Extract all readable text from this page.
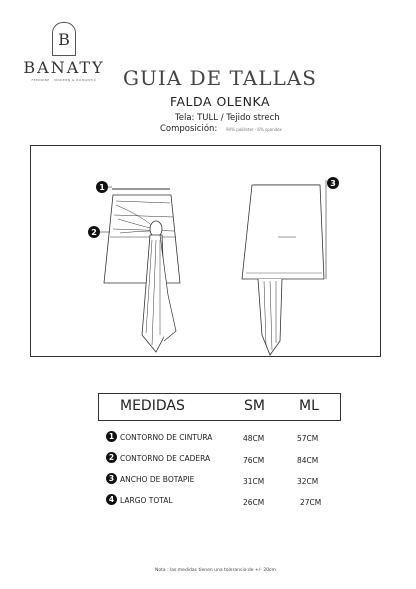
B
BANATY
FEMININE · MODERN & ROMANTIC	GUIA DE TALLAS
FALDA OLENKA
Tela: TULL / Tejido strech
Composición: 94% poliéster · 6% spandex
1
2
3
MEDIDAS	SM ML
1 CONTORNO DE CINTURA	48CM	57CM
2 CONTORNO DE CADERA	76CM	84CM
3 ANCHO DE BOTAPIE	31CM	32CM
4 LARGO TOTAL	26CM	27CM
Nota : las medidas tienen una tolerancia de +/- 20cm
